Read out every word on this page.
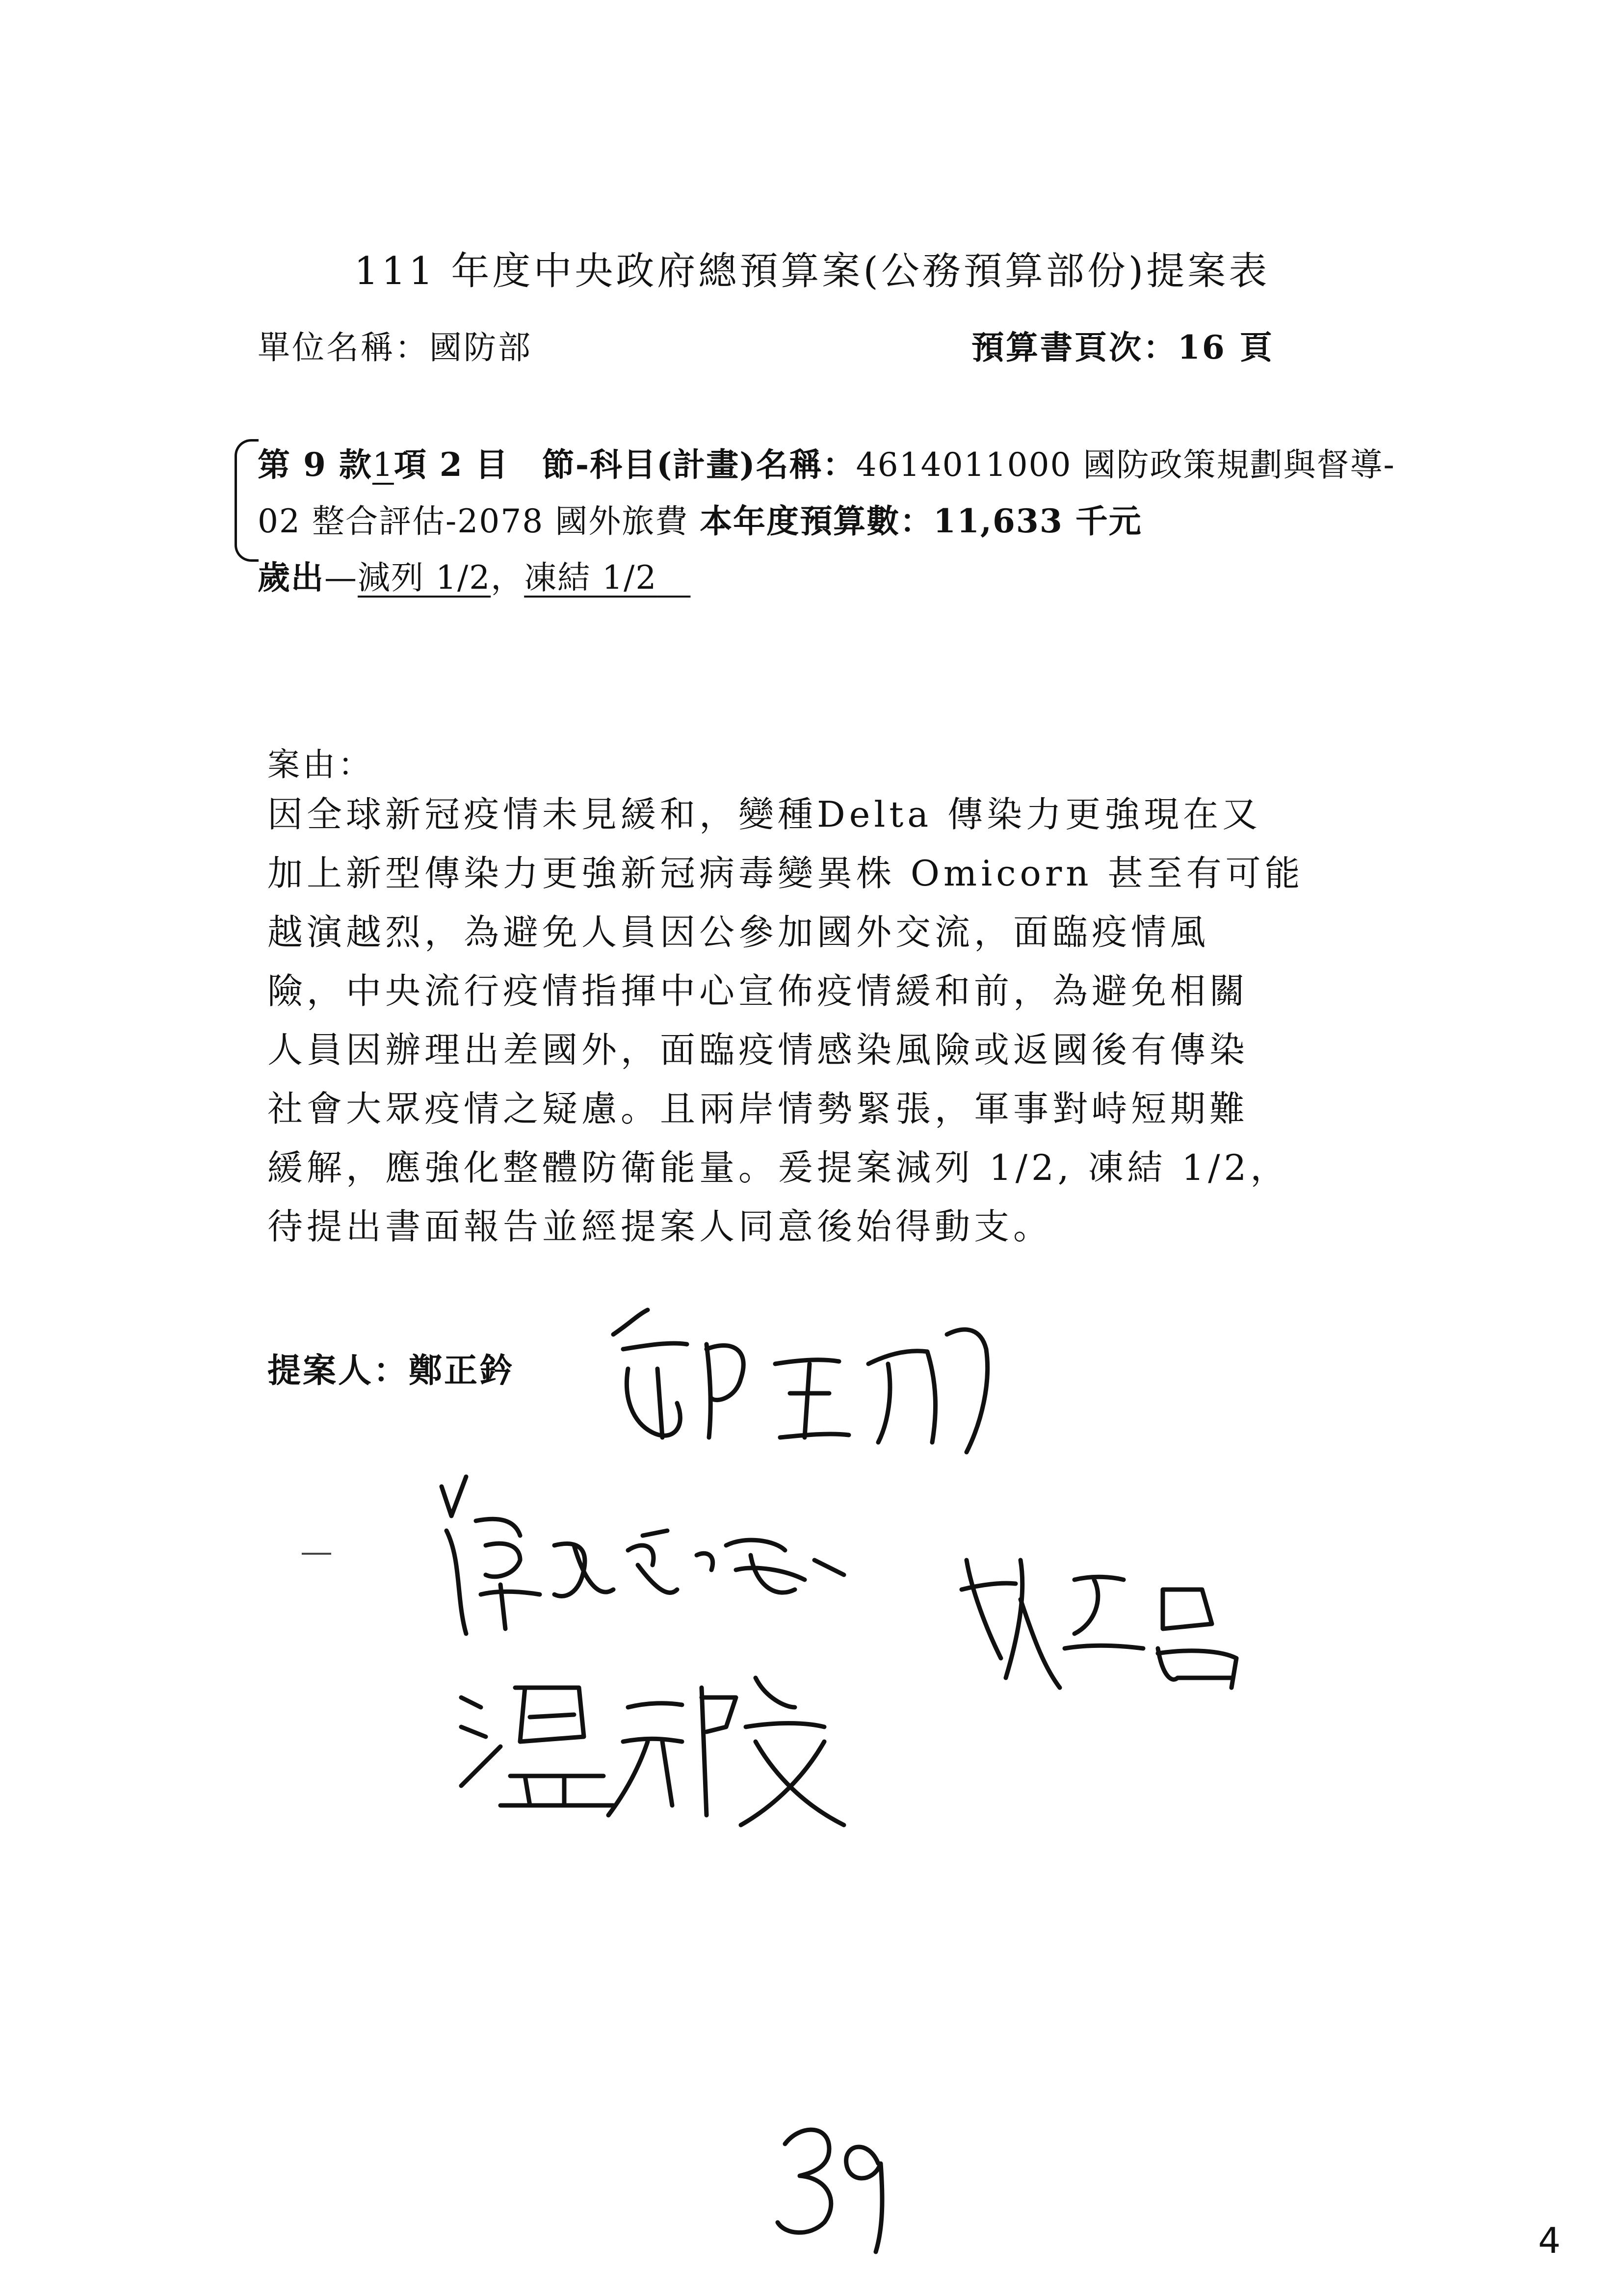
111 年度中央政府總預算案(公務預算部份)提案表
單位名稱：國防部	預算書頁次：16 頁
第 9 款1項 2 目　節-科目(計畫)名稱：4614011000 國防政策規劃與督導-
02 整合評估-2078 國外旅費 本年度預算數：11,633 千元
歲出—減列 1/2，凍結 1/2 
案由：
因全球新冠疫情未見緩和，變種Delta 傳染力更強現在又
加上新型傳染力更強新冠病毒變異株 Omicorn 甚至有可能
越演越烈，為避免人員因公參加國外交流，面臨疫情風
險，中央流行疫情指揮中心宣佈疫情緩和前，為避免相關
人員因辦理出差國外，面臨疫情感染風險或返國後有傳染
社會大眾疫情之疑慮。且兩岸情勢緊張，軍事對峙短期難
緩解，應強化整體防衛能量。爰提案減列 1/2, 凍結 1/2，
待提出書面報告並經提案人同意後始得動支。
提案人：鄭正鈐
4
